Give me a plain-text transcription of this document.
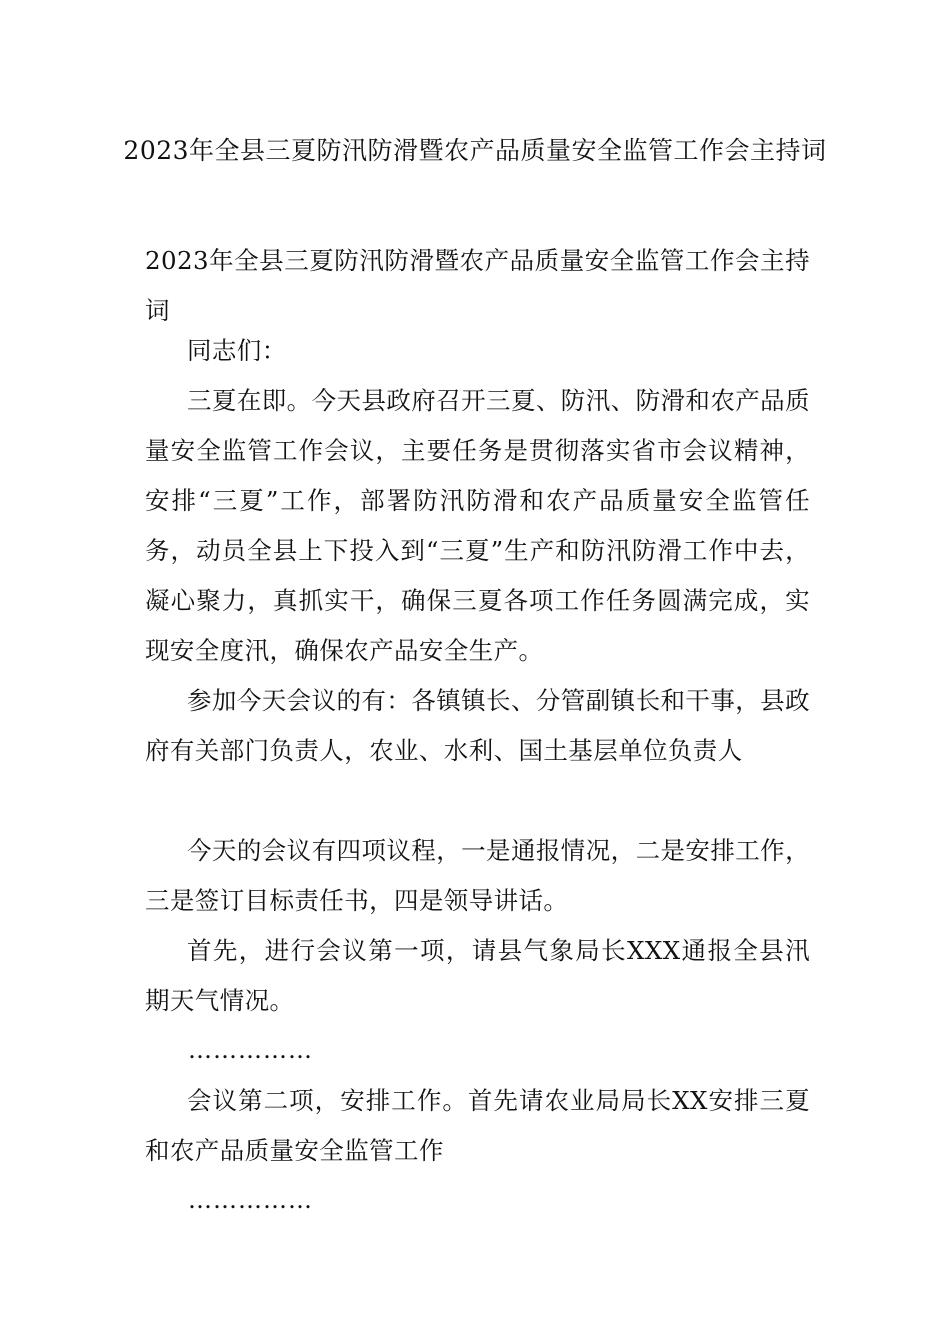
2023年全县三夏防汛防滑暨农产品质量安全监管工作会主持词
2023年全县三夏防汛防滑暨农产品质量安全监管工作会主持词
同志们：
三夏在即。今天县政府召开三夏、防汛、防滑和农产品质量安全监管工作会议，主要任务是贯彻落实省市会议精神，安排“三夏”工作，部署防汛防滑和农产品质量安全监管任务，动员全县上下投入到“三夏”生产和防汛防滑工作中去，凝心聚力，真抓实干，确保三夏各项工作任务圆满完成，实现安全度汛，确保农产品安全生产。
参加今天会议的有：各镇镇长、分管副镇长和干事，县政府有关部门负责人，农业、水利、国土基层单位负责人
今天的会议有四项议程，一是通报情况，二是安排工作，三是签订目标责任书，四是领导讲话。
首先，进行会议第一项，请县气象局长XXX通报全县汛期天气情况。
……………
会议第二项，安排工作。首先请农业局局长XX安排三夏和农产品质量安全监管工作
……………
